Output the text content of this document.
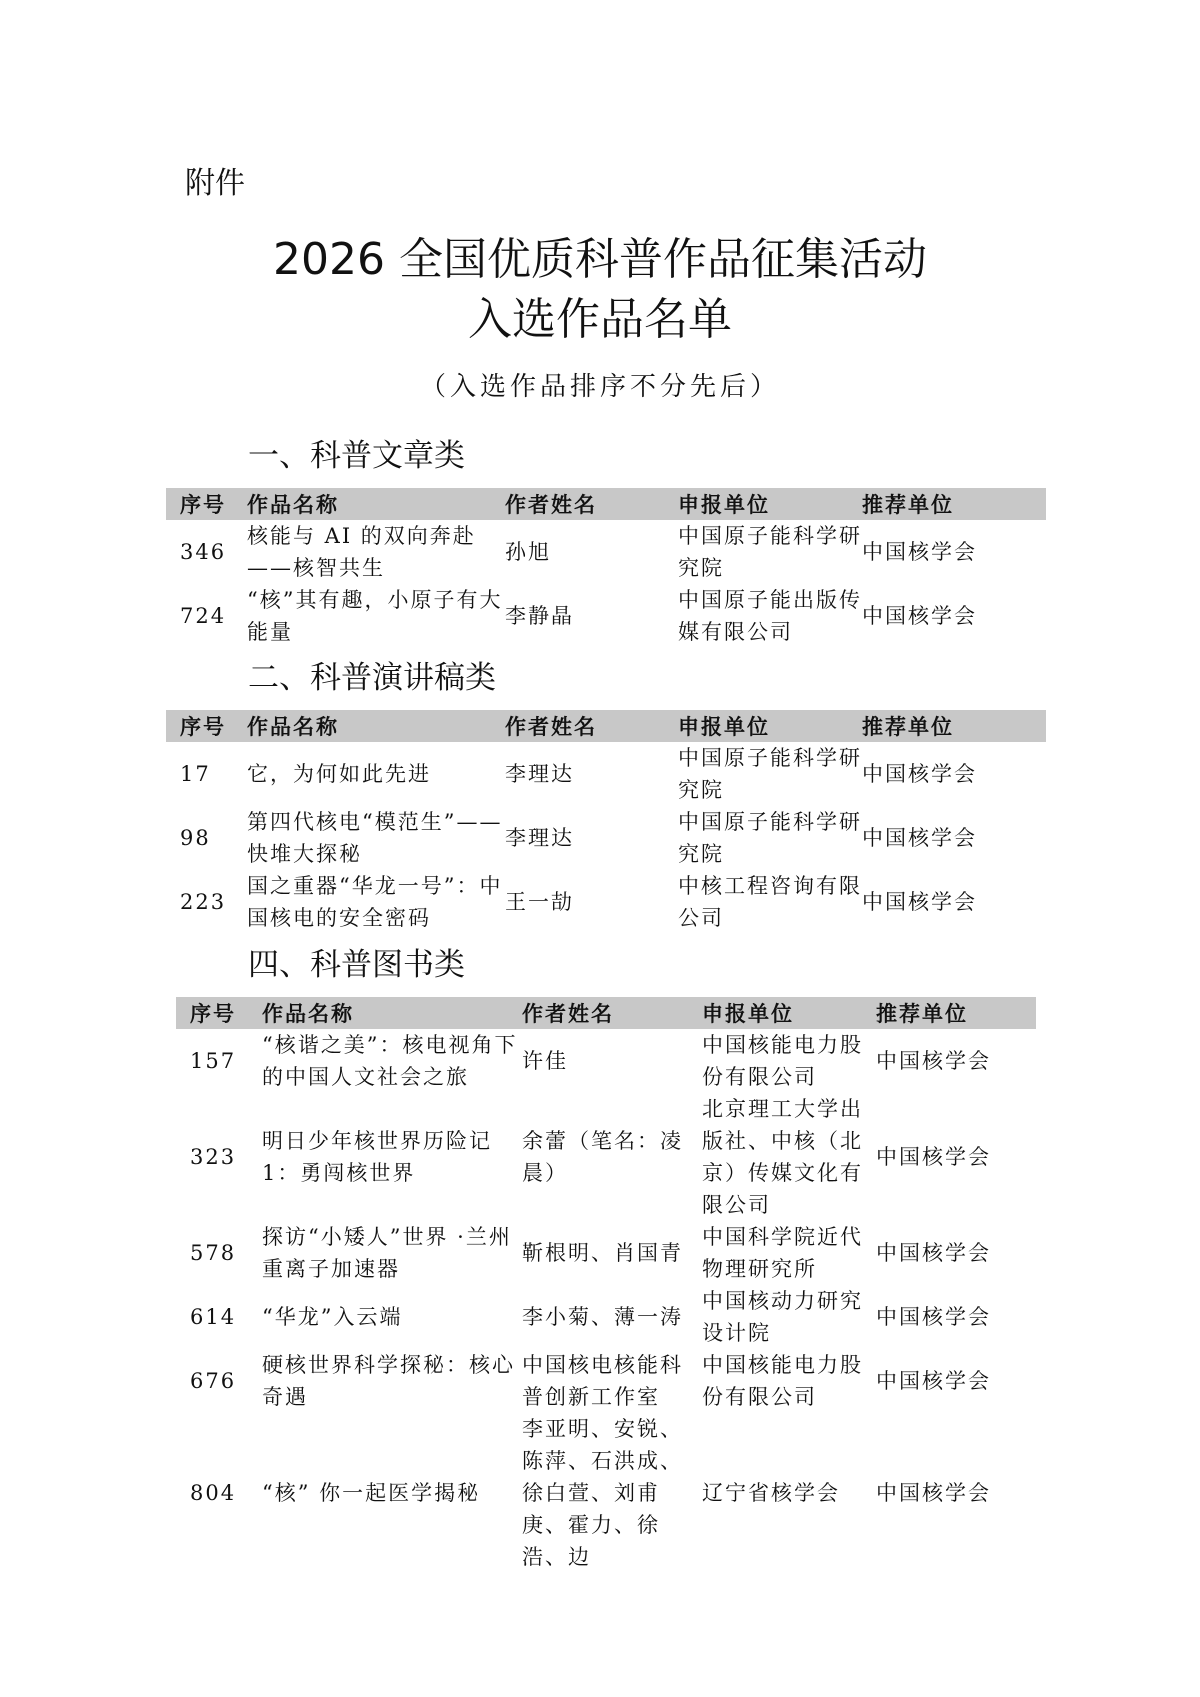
附件
2026 全国优质科普作品征集活动
入选作品名单
（入选作品排序不分先后）
一、科普文章类
序号	作品名称	作者姓名	申报单位	推荐单位
346	核能与 AI 的双向奔赴——核智共生	孙旭	中国原子能科学研究院	中国核学会
724	“核”其有趣，小原子有大能量	李静晶	中国原子能出版传媒有限公司	中国核学会
二、科普演讲稿类
序号	作品名称	作者姓名	申报单位	推荐单位
17	它，为何如此先进	李理达	中国原子能科学研究院	中国核学会
98	第四代核电“模范生”——快堆大探秘	李理达	中国原子能科学研究院	中国核学会
223	国之重器“华龙一号”：中国核电的安全密码	王一劼	中核工程咨询有限公司	中国核学会
四、科普图书类
序号	作品名称	作者姓名	申报单位	推荐单位
157	“核谐之美”：核电视角下的中国人文社会之旅	许佳	中国核能电力股份有限公司	中国核学会
323	明日少年核世界历险记 1：勇闯核世界	余蕾（笔名：凌晨）	北京理工大学出版社、中核（北京）传媒文化有限公司	中国核学会
578	探访“小矮人”世界 ·兰州重离子加速器	靳根明、肖国青	中国科学院近代物理研究所	中国核学会
614	“华龙”入云端	李小菊、薄一涛	中国核动力研究设计院	中国核学会
676	硬核世界科学探秘：核心奇遇	中国核电核能科普创新工作室	中国核能电力股份有限公司	中国核学会
804	“核” 你一起医学揭秘	李亚明、安锐、陈萍、石洪成、徐白萱、刘甫庚、霍力、徐浩、边	辽宁省核学会	中国核学会
